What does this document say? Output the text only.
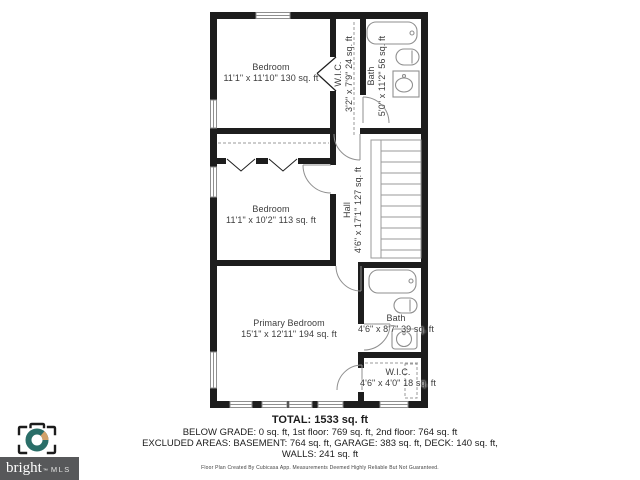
Bedroom
11'1" x 11'10" 130 sq. ft	W.I.C. 3'2" x 7'9" 24 sq. ft Bath 5'0" x 11'2" 56 sq. ft
Bedroom
11'1" x 10'2" 113 sq. ft
Hall 4'6" x 17'1" 127 sq. ft
Primary Bedroom
15'1" x 12'11" 194 sq. ft
Bath
4'6" x 8'7" 39 sq. ft
W.I.C.
4'6" x 4'0" 18 sq. ft
TOTAL: 1533 sq. ft
BELOW GRADE: 0 sq. ft, 1st floor: 769 sq. ft, 2nd floor: 764 sq. ft
EXCLUDED AREAS: BASEMENT: 764 sq. ft, GARAGE: 383 sq. ft, DECK: 140 sq. ft,
WALLS: 241 sq. ft
Floor Plan Created By Cubicasa App. Measurements Deemed Highly Reliable But Not Guaranteed.
bright ™ MLS
